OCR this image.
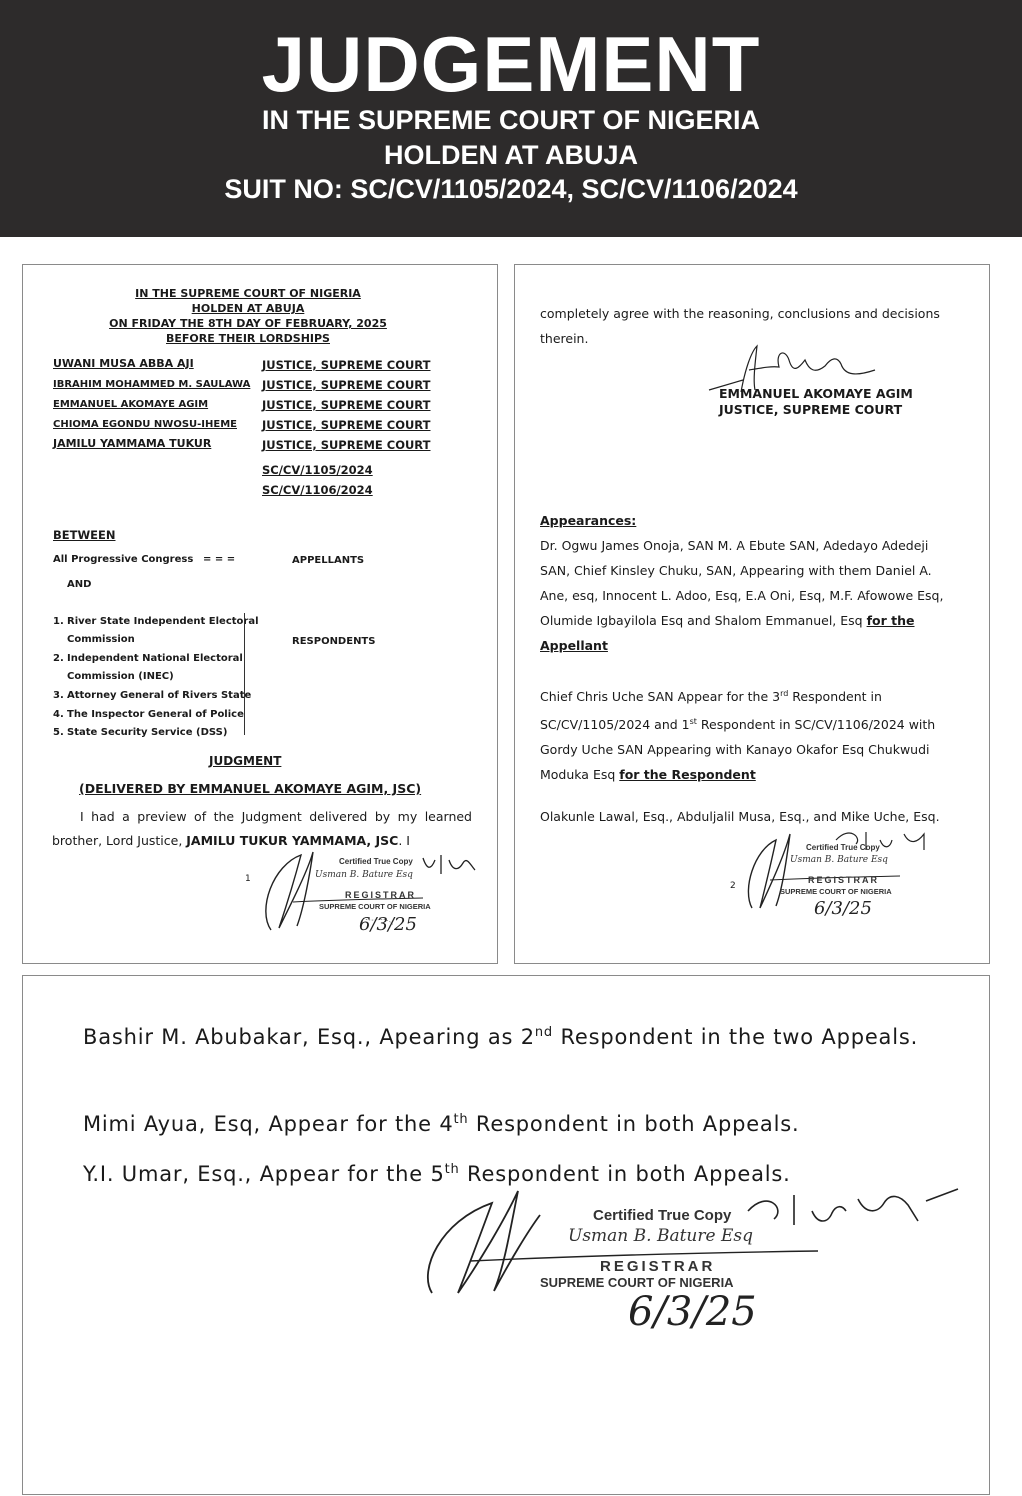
JUDGEMENT
IN THE SUPREME COURT OF NIGERIA
HOLDEN AT ABUJA
SUIT NO: SC/CV/1105/2024, SC/CV/1106/2024
IN THE SUPREME COURT OF NIGERIA
HOLDEN AT ABUJA
ON FRIDAY THE 8TH DAY OF FEBRUARY, 2025
BEFORE THEIR LORDSHIPS
UWANI MUSA ABBA AJI	JUSTICE, SUPREME COURT
IBRAHIM MOHAMMED M. SAULAWA JUSTICE, SUPREME COURT
EMMANUEL AKOMAYE AGIM	JUSTICE, SUPREME COURT
CHIOMA EGONDU NWOSU-IHEME JUSTICE, SUPREME COURT
JAMILU YAMMAMA TUKUR	JUSTICE, SUPREME COURT
SC/CV/1105/2024
SC/CV/1106/2024
BETWEEN
All Progressive Congress = = =	APPELLANTS
AND
1. River State Independent Electoral
Commission
2. Independent National Electoral
Commission (INEC)
3. Attorney General of Rivers State
4. The Inspector General of Police
5. State Security Service (DSS)
RESPONDENTS
JUDGMENT
(DELIVERED BY EMMANUEL AKOMAYE AGIM, JSC)
I had a preview of the Judgment delivered by my learned brother, Lord Justice, JAMILU TUKUR YAMMAMA, JSC. I
1
Certified True Copy
Usman B. Bature Esq
REGISTRAR
SUPREME COURT OF NIGERIA
6/3/25
completely agree with the reasoning, conclusions and decisions therein.
EMMANUEL AKOMAYE AGIM
JUSTICE, SUPREME COURT
Appearances:
Dr. Ogwu James Onoja, SAN M. A Ebute SAN, Adedayo Adedeji SAN, Chief Kinsley Chuku, SAN, Appearing with them Daniel A. Ane, esq, Innocent L. Adoo, Esq, E.A Oni, Esq, M.F. Afowowe Esq, Olumide Igbayilola Esq and Shalom Emmanuel, Esq for the Appellant
Chief Chris Uche SAN Appear for the 3rd Respondent in SC/CV/1105/2024 and 1st Respondent in SC/CV/1106/2024 with Gordy Uche SAN Appearing with Kanayo Okafor Esq Chukwudi Moduka Esq for the Respondent
Olakunle Lawal, Esq., Abduljalil Musa, Esq., and Mike Uche, Esq.
2
Certified True Copy
Usman B. Bature Esq
REGISTRAR
SUPREME COURT OF NIGERIA
6/3/25
Bashir M. Abubakar, Esq., Apearing as 2nd Respondent in the two Appeals.
Mimi Ayua, Esq, Appear for the 4th Respondent in both Appeals.
Y.I. Umar, Esq., Appear for the 5th Respondent in both Appeals.
Certified True Copy
Usman B. Bature Esq
REGISTRAR
SUPREME COURT OF NIGERIA
6/3/25
